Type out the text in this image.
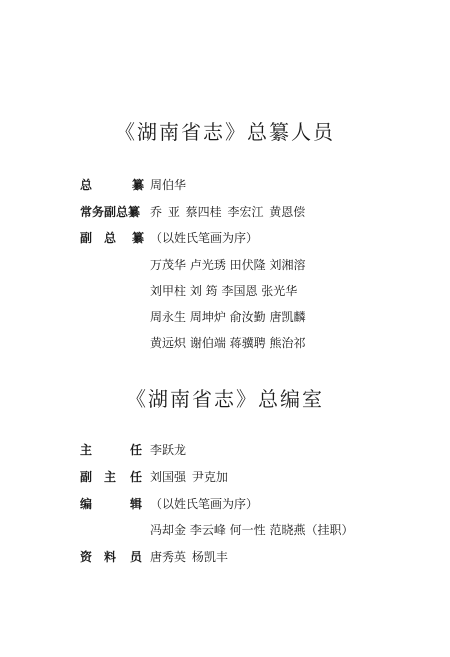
《湖南省志》总纂人员
总	纂 周伯华
常务副总纂 乔 亚 蔡四桂 李宏江 黄恩偿
副 总 纂 （以姓氏笔画为序）
万茂华 卢光琇 田伏隆 刘湘溶
刘甲柱 刘 筠 李国恩 张光华
周永生 周坤炉 俞汝勤 唐凯麟
黄远炽 谢伯端 蒋骥聘 熊治祁
《湖南省志》总编室
主	任 李跃龙
副 主 任 刘国强 尹克加
编	辑 （以姓氏笔画为序）
冯却金 李云峰 何一性 范晓燕（挂职）
资 料 员 唐秀英 杨凯丰
